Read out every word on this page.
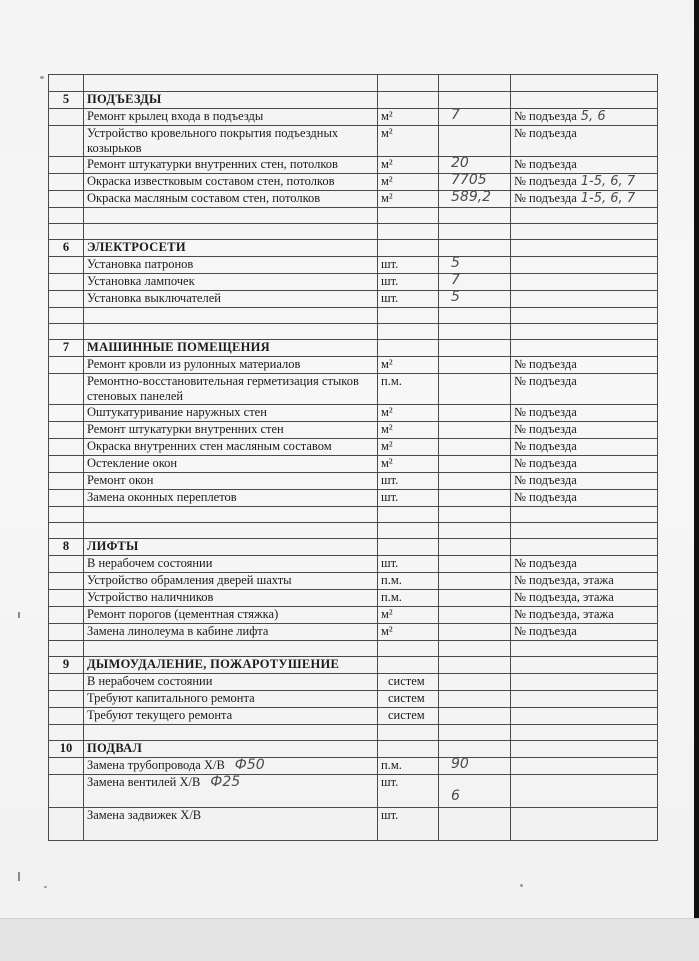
5	ПОДЪЕЗДЫ			
	Ремонт крылец входа в подъезды	м²	7	№ подъезда 5, 6
	Устройство кровельного покрытия подъездных козырьков	м²		№ подъезда
	Ремонт штукатурки внутренних стен, потолков	м²	20	№ подъезда
	Окраска известковым составом стен, потолков	м²	7705	№ подъезда 1-5, 6, 7
	Окраска масляным составом стен, потолков	м²	589,2	№ подъезда 1-5, 6, 7

6	ЭЛЕКТРОСЕТИ			
	Установка патронов	шт.	5	

	Установка лампочек	шт.	7	

	Установка выключателей	шт.	5	

7	МАШИННЫЕ ПОМЕЩЕНИЯ			
	Ремонт кровли из рулонных материалов	м²		№ подъезда
	Ремонтно-восстановительная герметизация стыков стеновых панелей	п.м.		№ подъезда
	Оштукатуривание наружных стен	м²		№ подъезда
	Ремонт штукатурки внутренних стен	м²		№ подъезда
	Окраска внутренних стен масляным составом	м²		№ подъезда
	Остекление окон	м²		№ подъезда
	Ремонт окон	шт.		№ подъезда
	Замена оконных переплетов	шт.		№ подъезда

8	ЛИФТЫ			
	В нерабочем состоянии	шт.		№ подъезда
	Устройство обрамления дверей шахты	п.м.		№ подъезда, этажа
	Устройство наличников	п.м.		№ подъезда, этажа
	Ремонт порогов (цементная стяжка)	м²		№ подъезда, этажа
	Замена линолеума в кабине лифта	м²		№ подъезда

9	ДЫМОУДАЛЕНИЕ, ПОЖАРОТУШЕНИЕ			
	В нерабочем состоянии	систем		
	Требуют капитального ремонта	систем		
	Требуют текущего ремонта	систем		

10	ПОДВАЛ			
	Замена трубопровода Х/В Ф50	п.м.	90	

	Замена вентилей Х/В Ф25	шт.	6	

	Замена задвижек Х/В	шт.		
